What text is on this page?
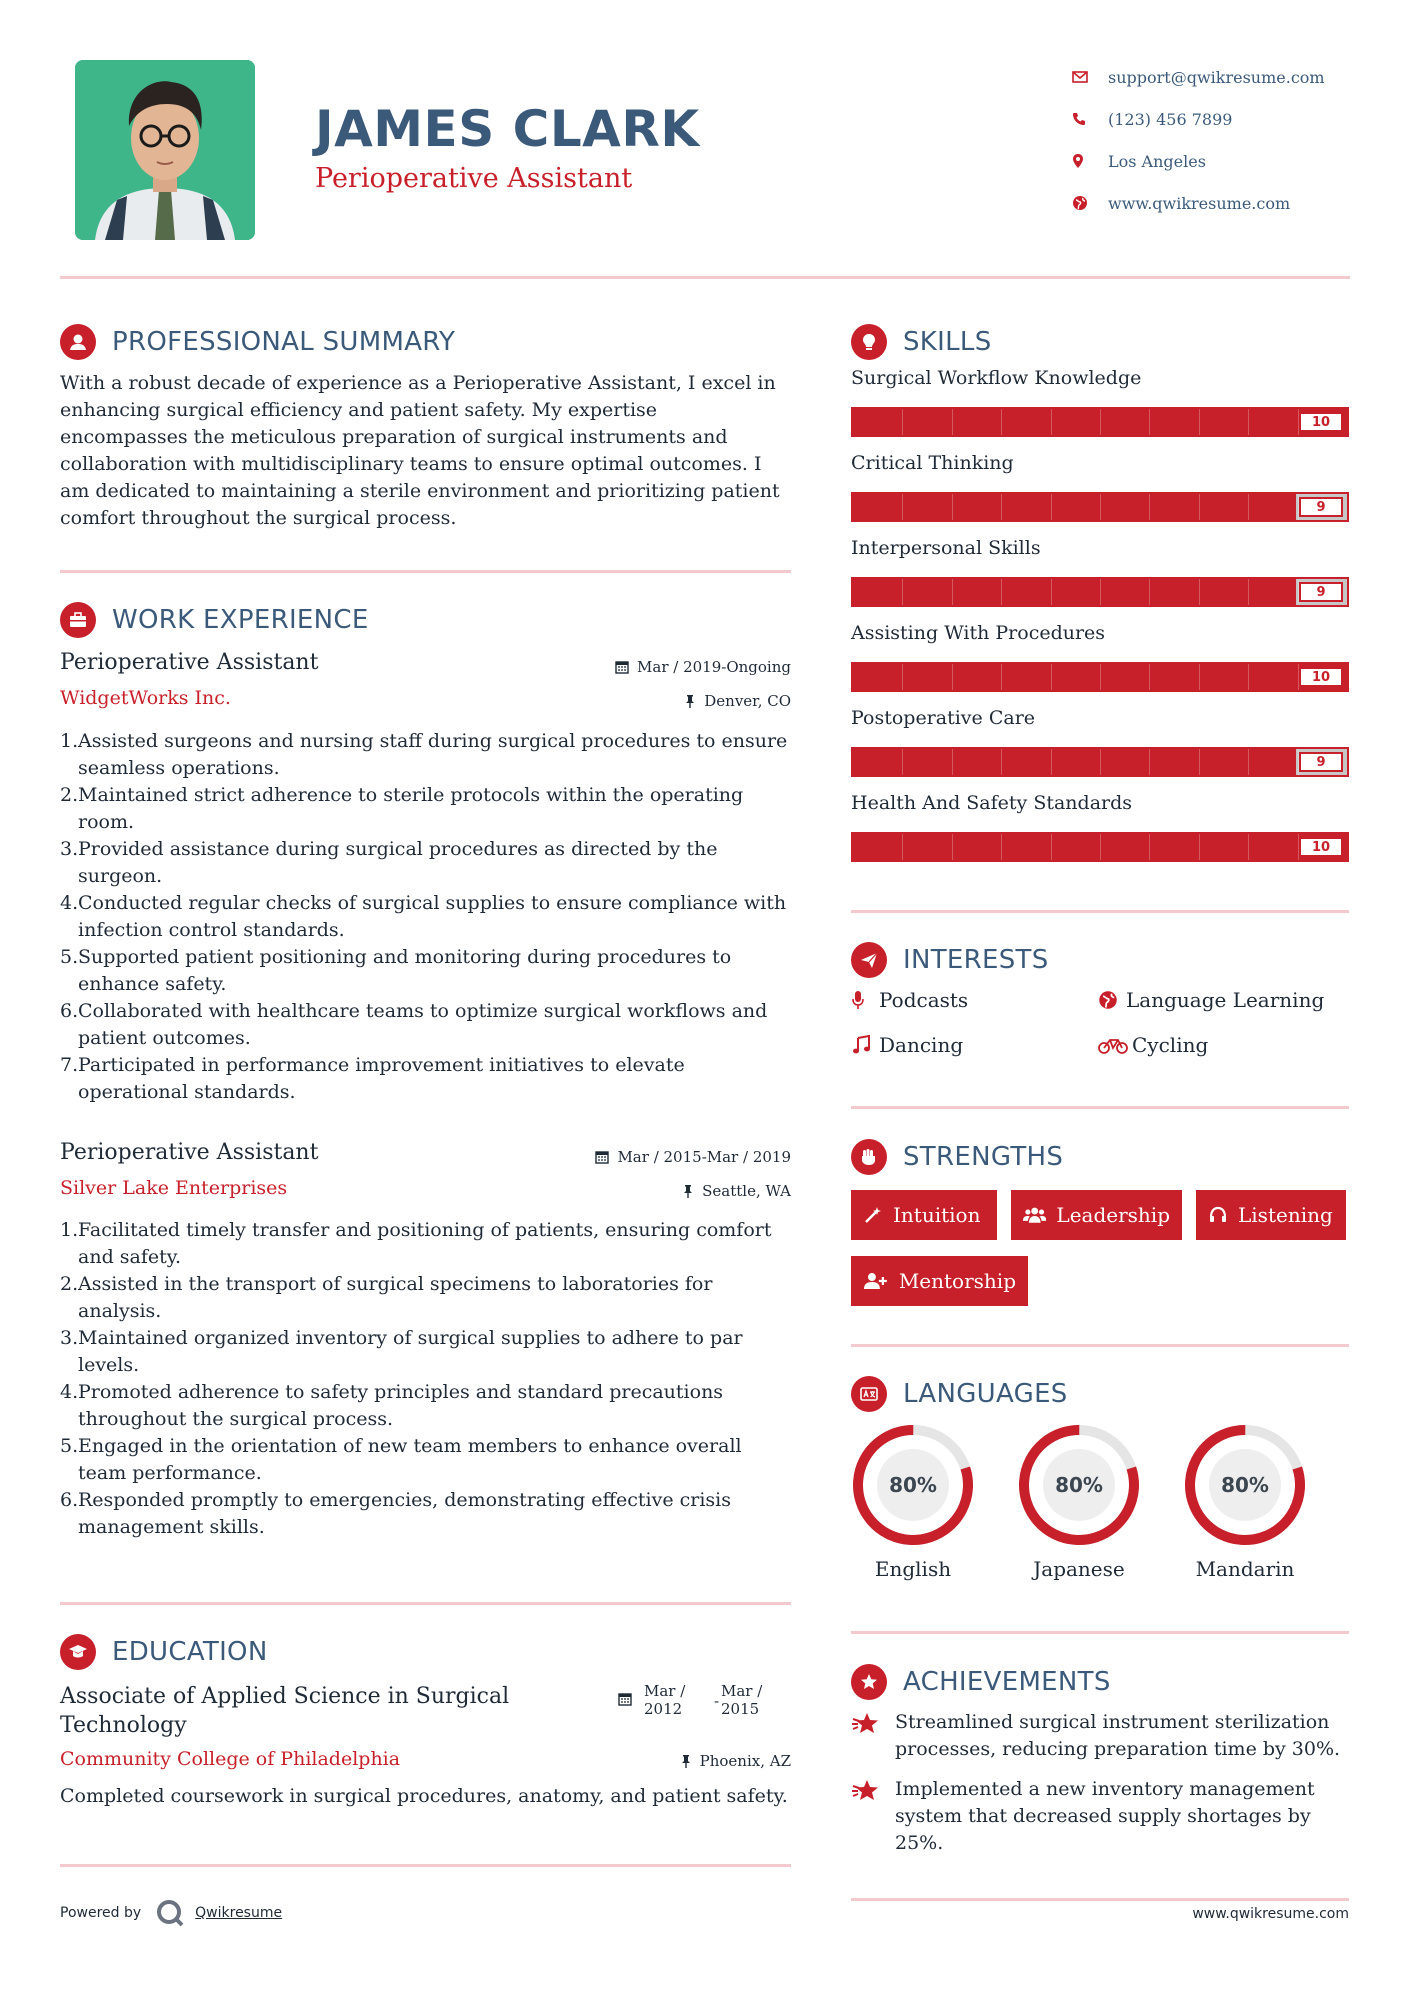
JAMES CLARK
Perioperative Assistant
support@qwikresume.com
(123) 456 7899
Los Angeles
www.qwikresume.com
PROFESSIONAL SUMMARY
With a robust decade of experience as a Perioperative Assistant, I excel in
enhancing surgical efficiency and patient safety. My expertise
encompasses the meticulous preparation of surgical instruments and
collaboration with multidisciplinary teams to ensure optimal outcomes. I
am dedicated to maintaining a sterile environment and prioritizing patient
comfort throughout the surgical process.
WORK EXPERIENCE
Perioperative Assistant	Mar / 2019-Ongoing
WidgetWorks Inc.	Denver, CO
1. Assisted surgeons and nursing staff during surgical procedures to ensure
seamless operations.
2. Maintained strict adherence to sterile protocols within the operating
room.
3. Provided assistance during surgical procedures as directed by the
surgeon.
4. Conducted regular checks of surgical supplies to ensure compliance with
infection control standards.
5. Supported patient positioning and monitoring during procedures to
enhance safety.
6. Collaborated with healthcare teams to optimize surgical workflows and
patient outcomes.
7. Participated in performance improvement initiatives to elevate
operational standards.
Perioperative Assistant	Mar / 2015-Mar / 2019
Silver Lake Enterprises	Seattle, WA
1. Facilitated timely transfer and positioning of patients, ensuring comfort
and safety.
2. Assisted in the transport of surgical specimens to laboratories for
analysis.
3. Maintained organized inventory of surgical supplies to adhere to par
levels.
4. Promoted adherence to safety principles and standard precautions
throughout the surgical process.
5. Engaged in the orientation of new team members to enhance overall
team performance.
6. Responded promptly to emergencies, demonstrating effective crisis
management skills.
EDUCATION
Associate of Applied Science in Surgical
Technology
Mar /
2012 -
Mar /
2015
Community College of Philadelphia	Phoenix, AZ
Completed coursework in surgical procedures, anatomy, and patient safety.
SKILLS
Surgical Workflow Knowledge
10
Critical Thinking
9
Interpersonal Skills
9
Assisting With Procedures
10
Postoperative Care
9
Health And Safety Standards
10
INTERESTS
Podcasts	Language Learning
Dancing	Cycling
STRENGTHS
Intuition	Leadership	Listening
Mentorship
LANGUAGES
80%
English
80%
Japanese
80%
Mandarin
ACHIEVEMENTS
Streamlined surgical instrument sterilization
processes, reducing preparation time by 30%.
Implemented a new inventory management
system that decreased supply shortages by
25%.
Powered by	Qwikresume	www.qwikresume.com
